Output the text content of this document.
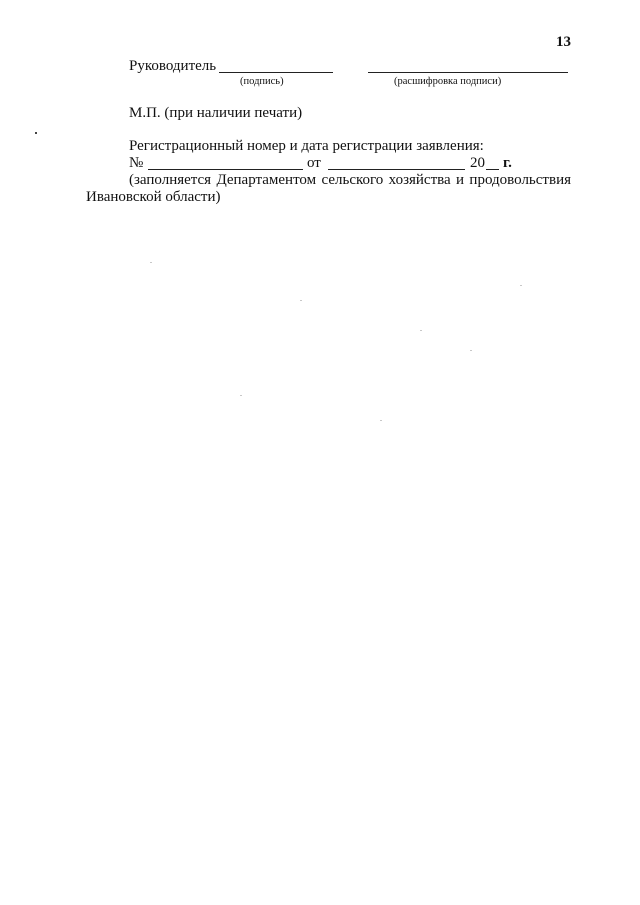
13
Руководитель
(подпись)	(расшифровка подписи)
М.П. (при наличии печати)
Регистрационный номер и дата регистрации заявления:
№	от	20 г.
(заполняется Департаментом сельского хозяйства и продовольствия
Ивановской области)
